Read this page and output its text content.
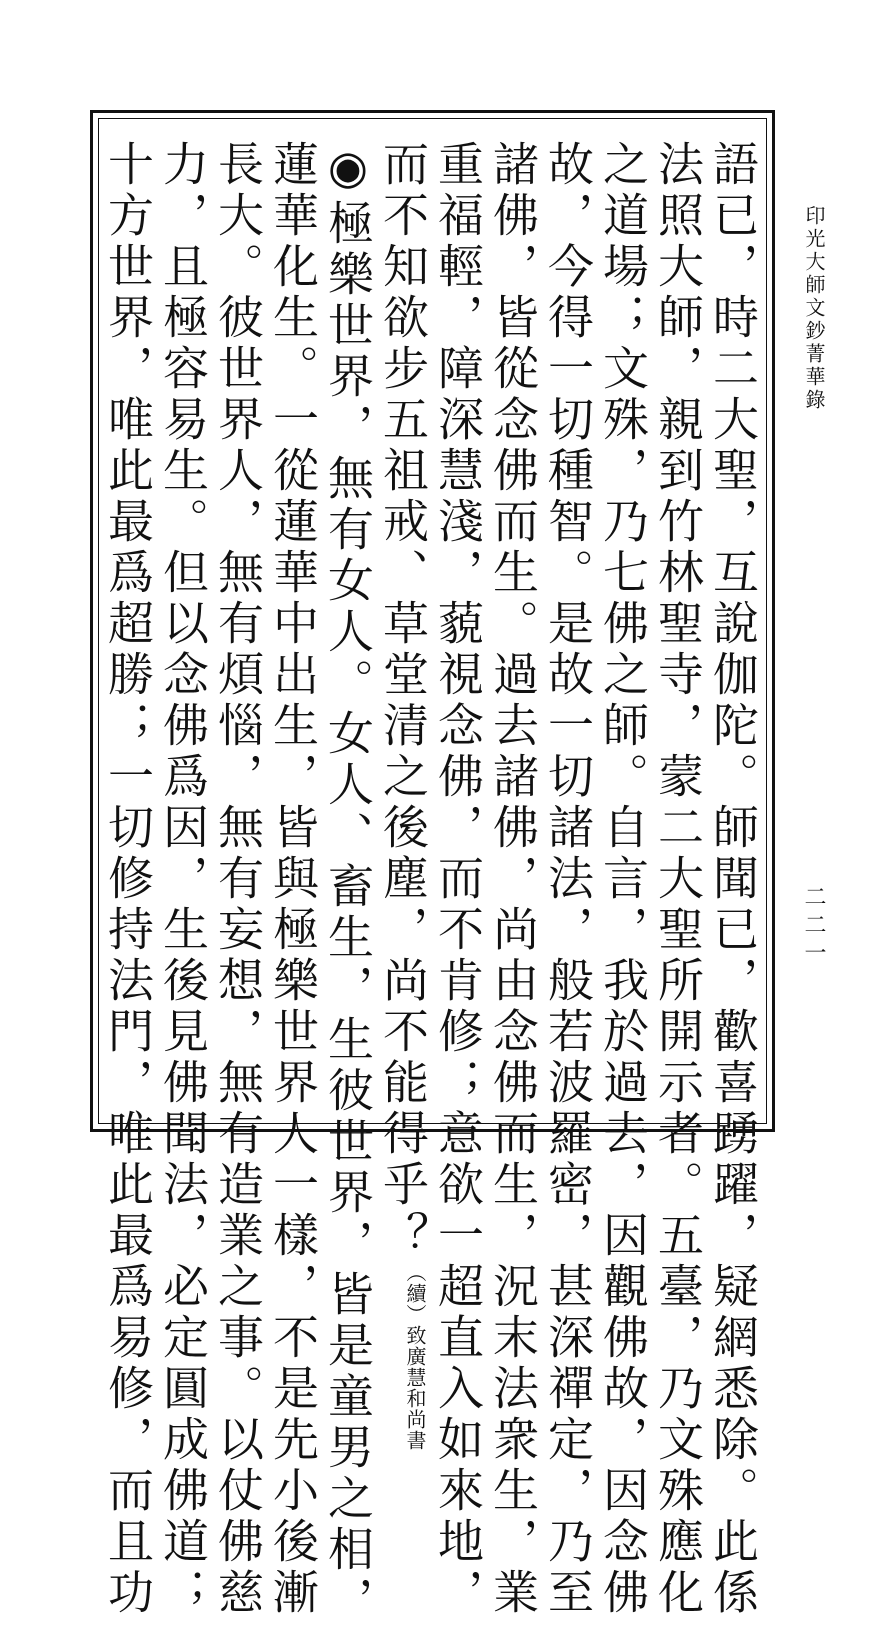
印光大師文鈔菁華錄
二二一
語已，時二大聖，互說伽陀。師聞已，歡喜踴躍，疑網悉除。此係
法照大師，親到竹林聖寺，蒙二大聖所開示者。五臺，乃文殊應化
之道場；文殊，乃七佛之師。自言，我於過去，因觀佛故，因念佛
故，今得一切種智。是故一切諸法，般若波羅密，甚深禪定，乃至
諸佛，皆從念佛而生。過去諸佛，尚由念佛而生，況末法衆生，業
重福輕，障深慧淺，藐視念佛，而不肯修；意欲一超直入如來地，
而不知欲步五祖戒、草堂清之後塵，尚不能得乎？（續）致廣慧和尚書
◉極樂世界，無有女人。女人、畜生，生彼世界，皆是童男之相，
蓮華化生。一從蓮華中出生，皆與極樂世界人一樣，不是先小後漸
長大。彼世界人，無有煩惱，無有妄想，無有造業之事。以仗佛慈
力，且極容易生。但以念佛爲因，生後見佛聞法，必定圓成佛道；
十方世界，唯此最爲超勝；一切修持法門，唯此最爲易修，而且功
